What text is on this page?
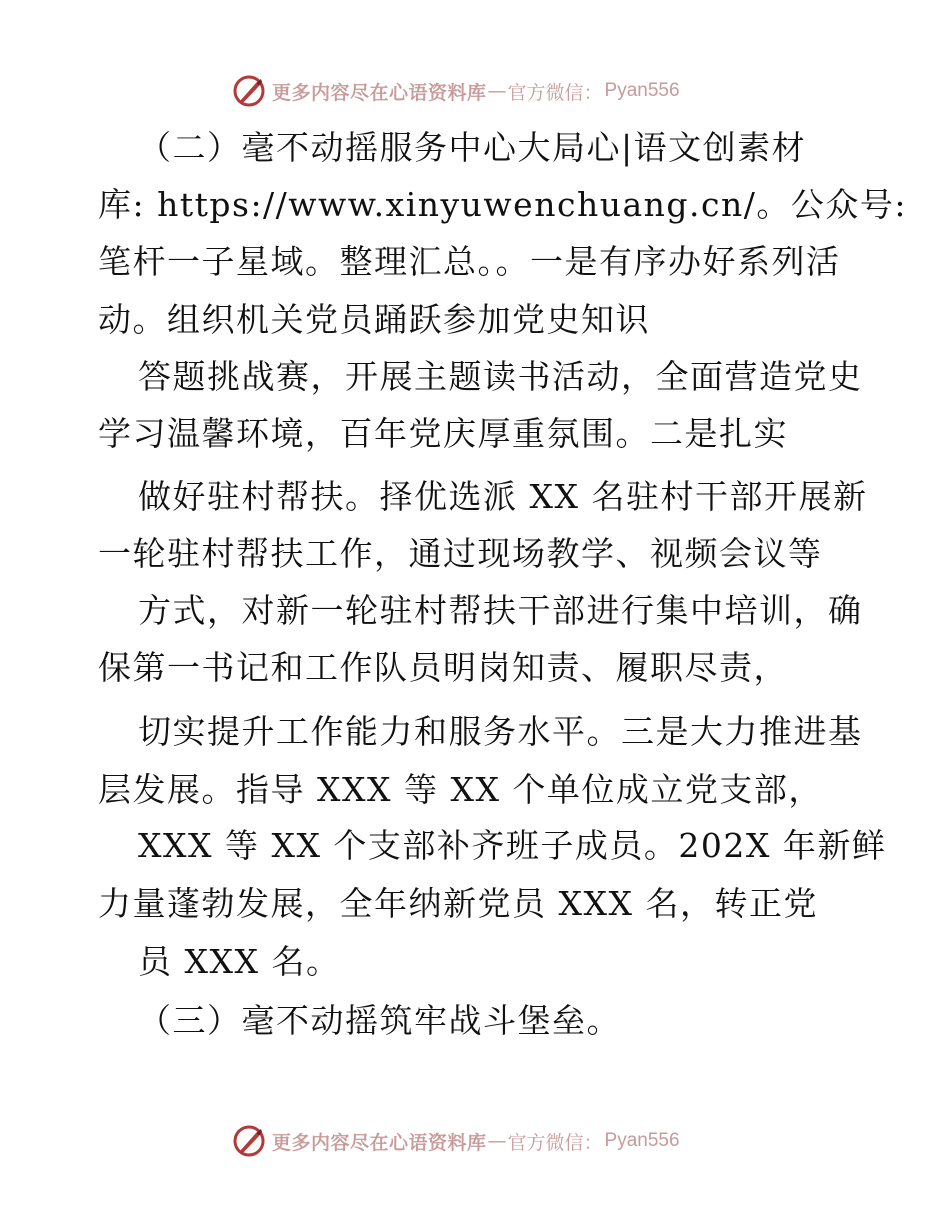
更多内容尽在心语资料库 — 官方微信： Pyan556
（二）毫不动摇服务中心大局心|语文创素材
库: https://www.xinyuwenchuang.cn/。公众号:
笔杆一子星域。整理汇总。。一是有序办好系列活
动。组织机关党员踊跃参加党史知识
答题挑战赛，开展主题读书活动，全面营造党史
学习温馨环境，百年党庆厚重氛围。二是扎实
做好驻村帮扶。择优选派 XX 名驻村干部开展新
一轮驻村帮扶工作，通过现场教学、视频会议等
方式，对新一轮驻村帮扶干部进行集中培训，确
保第一书记和工作队员明岗知责、履职尽责，
切实提升工作能力和服务水平。三是大力推进基
层发展。指导 XXX 等 XX 个单位成立党支部，
XXX 等 XX 个支部补齐班子成员。202X 年新鲜
力量蓬勃发展，全年纳新党员 XXX 名，转正党
员 XXX 名。
（三）毫不动摇筑牢战斗堡垒。
更多内容尽在心语资料库 — 官方微信： Pyan556
